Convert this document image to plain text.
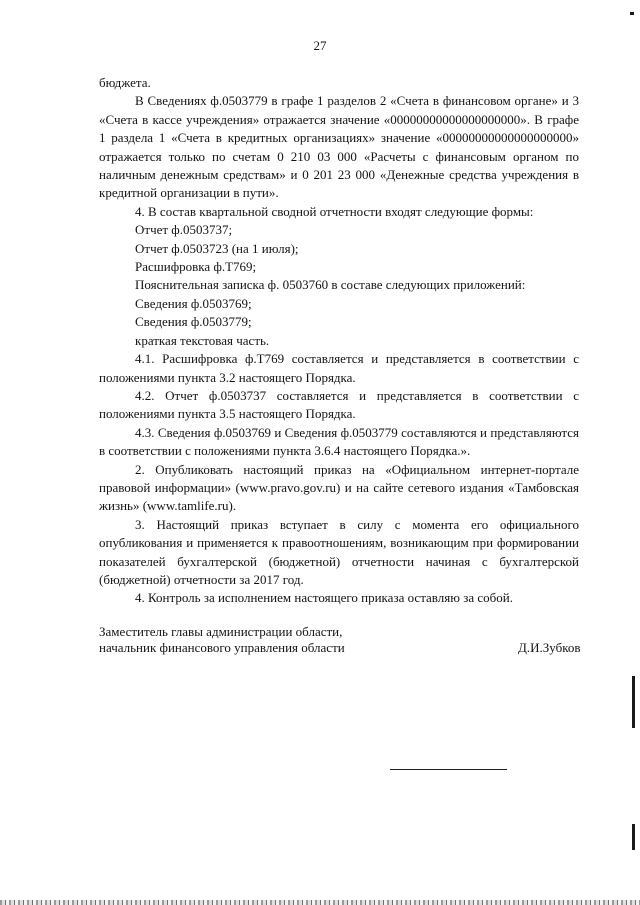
27

бюджета.

В Сведениях ф.0503779 в графе 1 разделов 2 «Счета в финансовом органе» и 3 «Счета в кассе учреждения» отражается значение «00000000000000000000». В графе 1 раздела 1 «Счета в кредитных организациях» значение «00000000000000000000» отражается только по счетам 0 210 03 000 «Расчеты с финансовым органом по наличным денежным средствам» и 0 201 23 000 «Денежные средства учреждения в кредитной организации в пути».

4. В состав квартальной сводной отчетности входят следующие формы:

Отчет ф.0503737;

Отчет ф.0503723 (на 1 июля);

Расшифровка ф.Т769;

Пояснительная записка ф. 0503760 в составе следующих приложений:

Сведения ф.0503769;

Сведения ф.0503779;

краткая текстовая часть.

4.1. Расшифровка ф.Т769 составляется и представляется в соответствии с положениями пункта 3.2 настоящего Порядка.

4.2. Отчет ф.0503737 составляется и представляется в соответствии с положениями пункта 3.5 настоящего Порядка.

4.3. Сведения ф.0503769 и Сведения ф.0503779 составляются и представляются в соответствии с положениями пункта 3.6.4 настоящего Порядка.».

2. Опубликовать настоящий приказ на «Официальном интернет-портале правовой информации» (www.pravo.gov.ru) и на сайте сетевого издания «Тамбовская жизнь» (www.tamlife.ru).

3. Настоящий приказ вступает в силу с момента его официального опубликования и применяется к правоотношениям, возникающим при формировании показателей бухгалтерской (бюджетной) отчетности начиная с бухгалтерской (бюджетной) отчетности за 2017 год.

4. Контроль за исполнением настоящего приказа оставляю за собой.

Заместитель главы администрации области,
начальник финансового управления области	Д.И.Зубков
